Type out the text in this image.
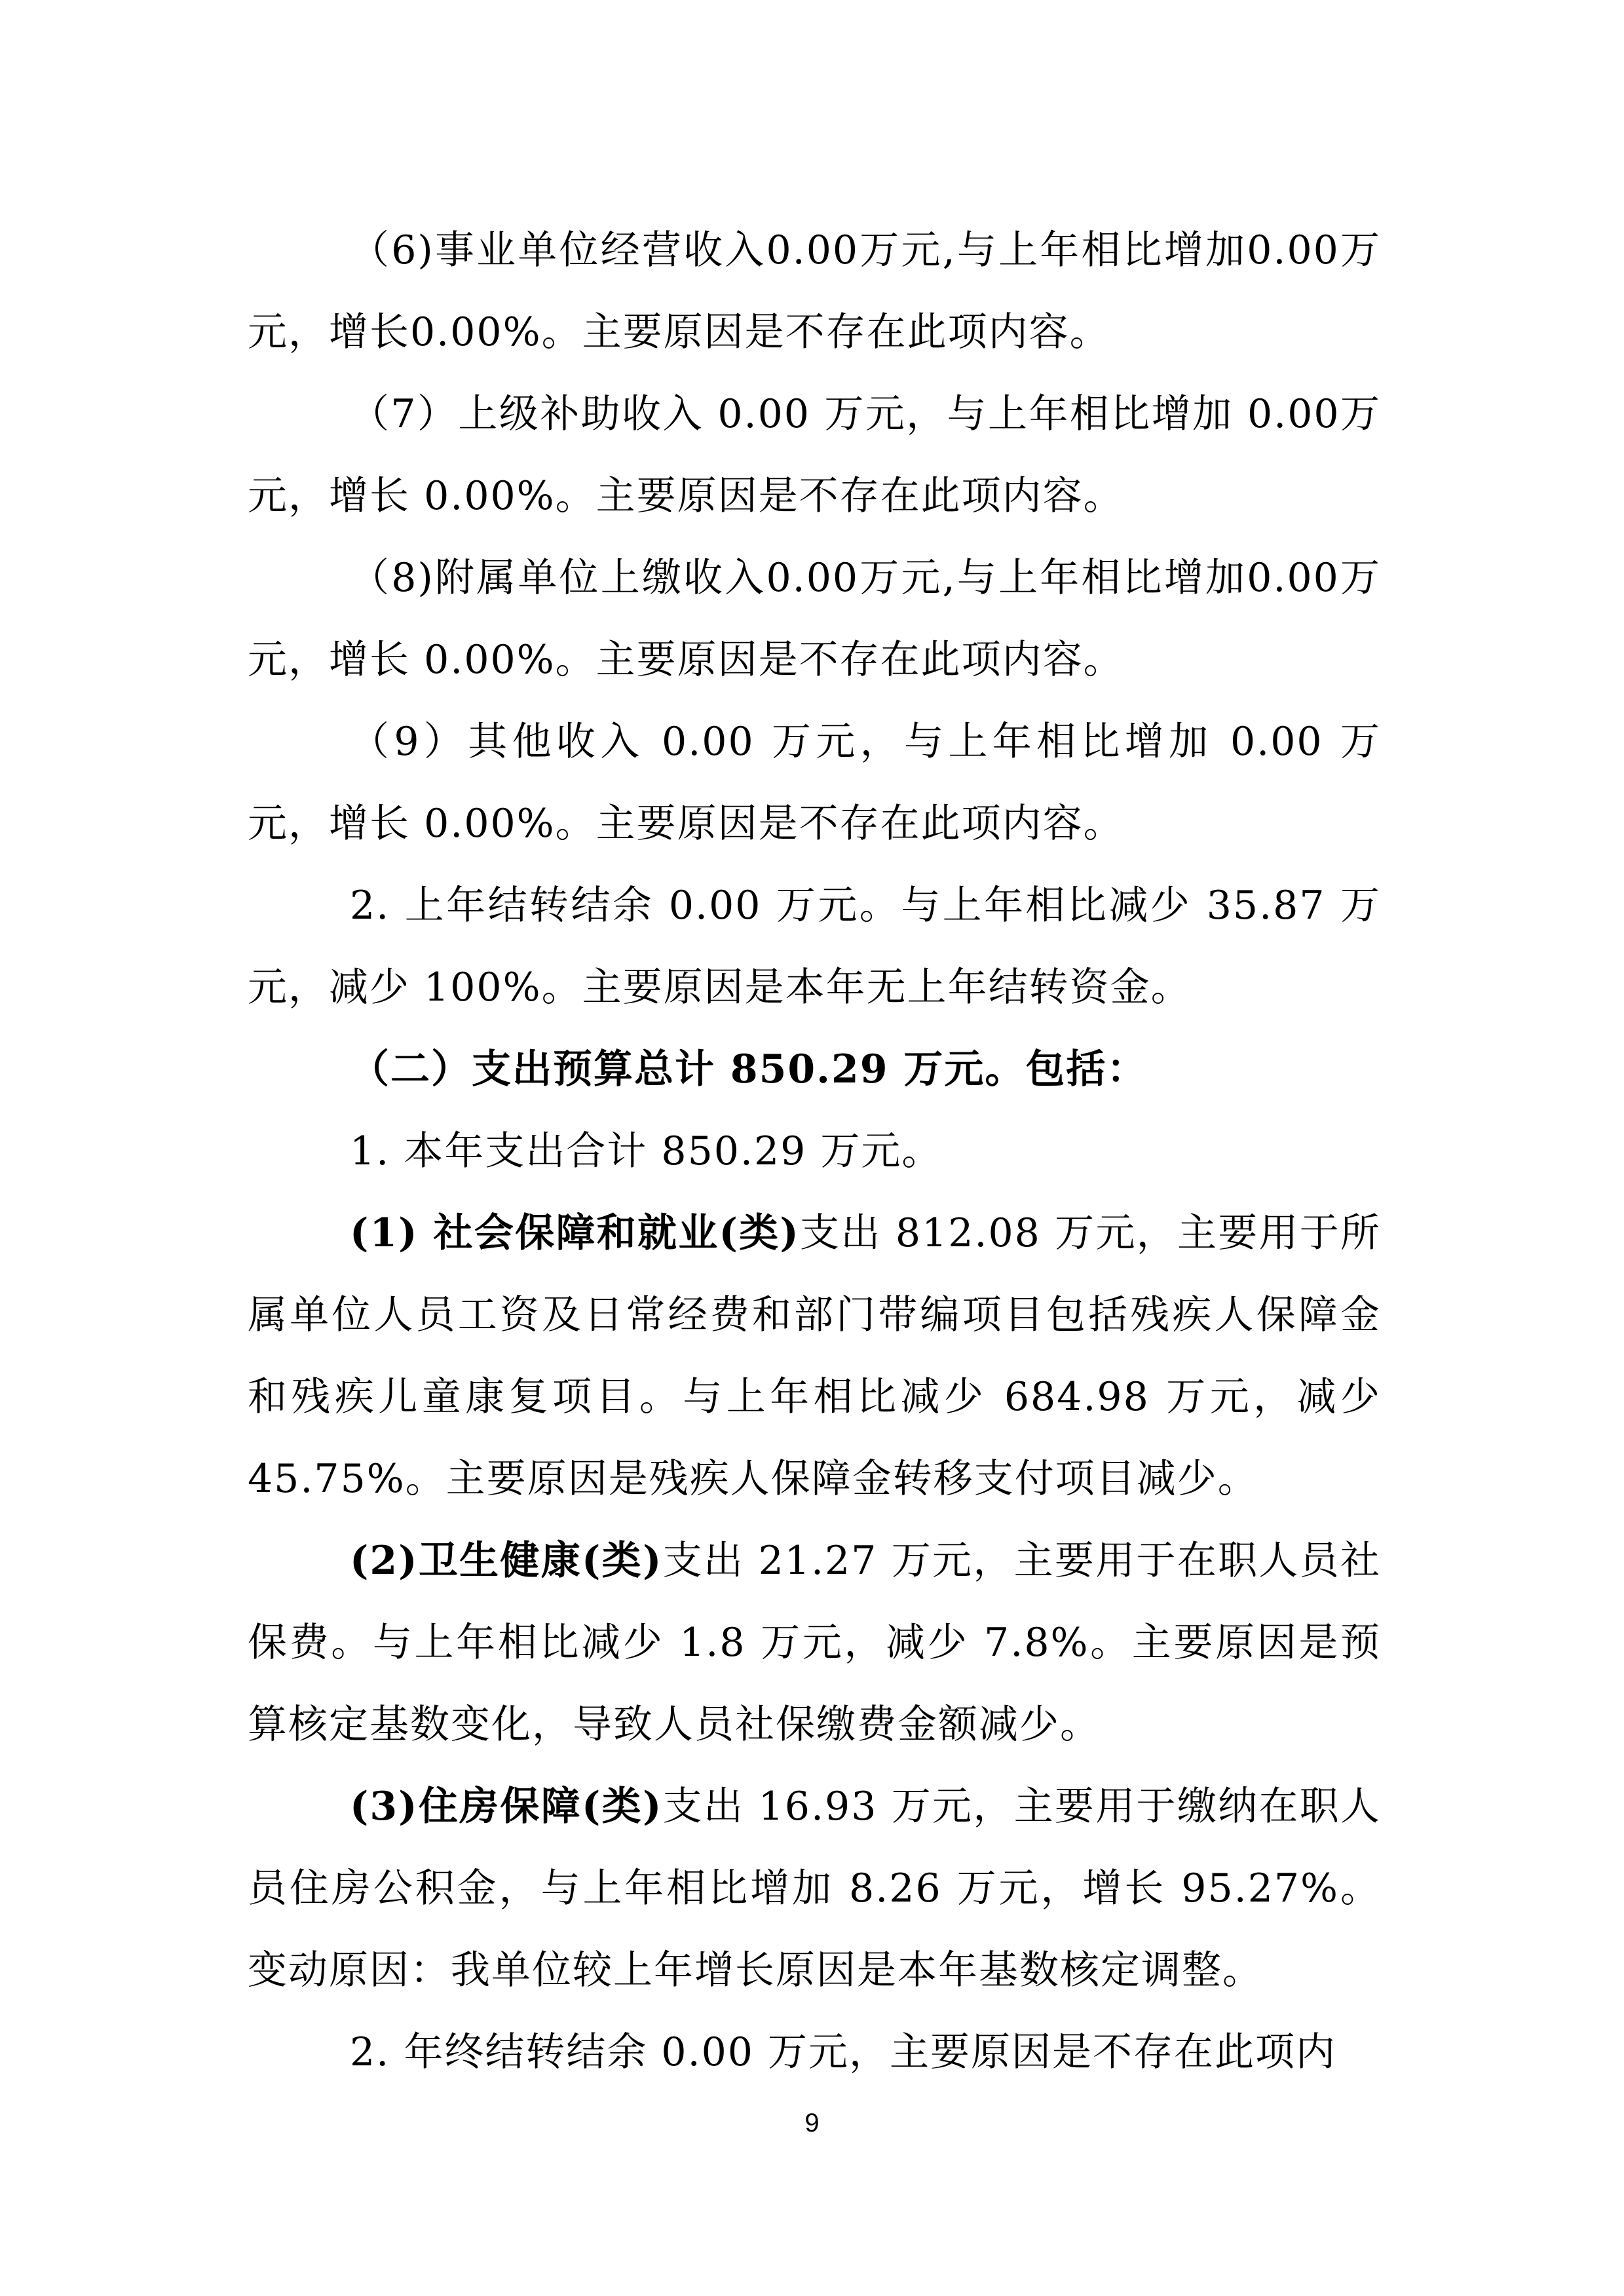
（6)事业单位经营收入0.00万元,与上年相比增加0.00万元，增长0.00%。主要原因是不存在此项内容。

（7）上级补助收入 0.00 万元，与上年相比增加 0.00万元，增长 0.00%。主要原因是不存在此项内容。

（8)附属单位上缴收入0.00万元,与上年相比增加0.00万元，增长 0.00%。主要原因是不存在此项内容。

（9）其他收入 0.00 万元，与上年相比增加 0.00 万元，增长 0.00%。主要原因是不存在此项内容。

2. 上年结转结余 0.00 万元。与上年相比减少 35.87 万元，减少 100%。主要原因是本年无上年结转资金。

（二）支出预算总计 850.29 万元。包括：

1. 本年支出合计 850.29 万元。

(1) 社会保障和就业(类)支出 812.08 万元，主要用于所属单位人员工资及日常经费和部门带编项目包括残疾人保障金和残疾儿童康复项目。与上年相比减少 684.98 万元，减少 45.75%。主要原因是残疾人保障金转移支付项目减少。

(2)卫生健康(类)支出 21.27 万元，主要用于在职人员社保费。与上年相比减少 1.8 万元，减少 7.8%。主要原因是预算核定基数变化，导致人员社保缴费金额减少。

(3)住房保障(类)支出 16.93 万元，主要用于缴纳在职人员住房公积金，与上年相比增加 8.26 万元，增长 95.27%。变动原因：我单位较上年增长原因是本年基数核定调整。

2. 年终结转结余 0.00 万元，主要原因是不存在此项内

9
